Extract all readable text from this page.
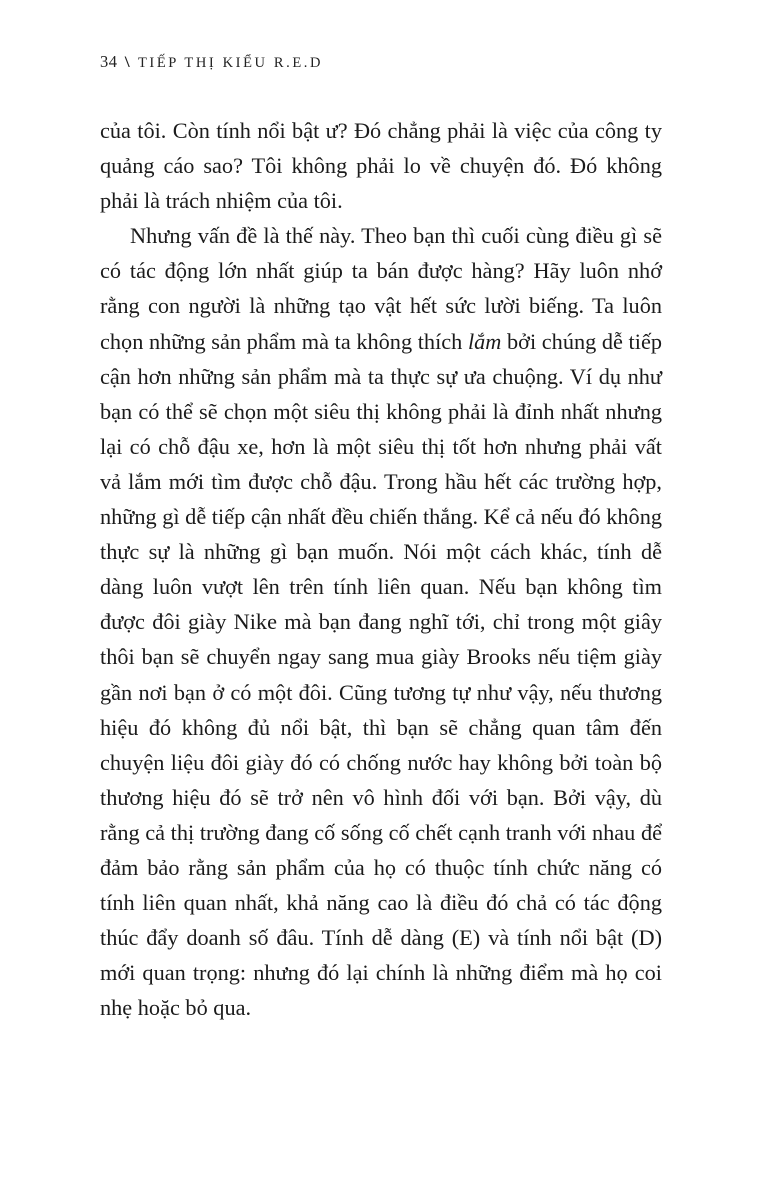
34 \ TIẾP THỊ KIỂU R.E.D

của tôi. Còn tính nổi bật ư? Đó chẳng phải là việc của công ty quảng cáo sao? Tôi không phải lo về chuyện đó. Đó không phải là trách nhiệm của tôi.

Nhưng vấn đề là thế này. Theo bạn thì cuối cùng điều gì sẽ có tác động lớn nhất giúp ta bán được hàng? Hãy luôn nhớ rằng con người là những tạo vật hết sức lười biếng. Ta luôn chọn những sản phẩm mà ta không thích lắm bởi chúng dễ tiếp cận hơn những sản phẩm mà ta thực sự ưa chuộng. Ví dụ như bạn có thể sẽ chọn một siêu thị không phải là đỉnh nhất nhưng lại có chỗ đậu xe, hơn là một siêu thị tốt hơn nhưng phải vất vả lắm mới tìm được chỗ đậu. Trong hầu hết các trường hợp, những gì dễ tiếp cận nhất đều chiến thắng. Kể cả nếu đó không thực sự là những gì bạn muốn. Nói một cách khác, tính dễ dàng luôn vượt lên trên tính liên quan. Nếu bạn không tìm được đôi giày Nike mà bạn đang nghĩ tới, chỉ trong một giây thôi bạn sẽ chuyển ngay sang mua giày Brooks nếu tiệm giày gần nơi bạn ở có một đôi. Cũng tương tự như vậy, nếu thương hiệu đó không đủ nổi bật, thì bạn sẽ chẳng quan tâm đến chuyện liệu đôi giày đó có chống nước hay không bởi toàn bộ thương hiệu đó sẽ trở nên vô hình đối với bạn. Bởi vậy, dù rằng cả thị trường đang cố sống cố chết cạnh tranh với nhau để đảm bảo rằng sản phẩm của họ có thuộc tính chức năng có tính liên quan nhất, khả năng cao là điều đó chả có tác động thúc đẩy doanh số đâu. Tính dễ dàng (E) và tính nổi bật (D) mới quan trọng: nhưng đó lại chính là những điểm mà họ coi nhẹ hoặc bỏ qua.
